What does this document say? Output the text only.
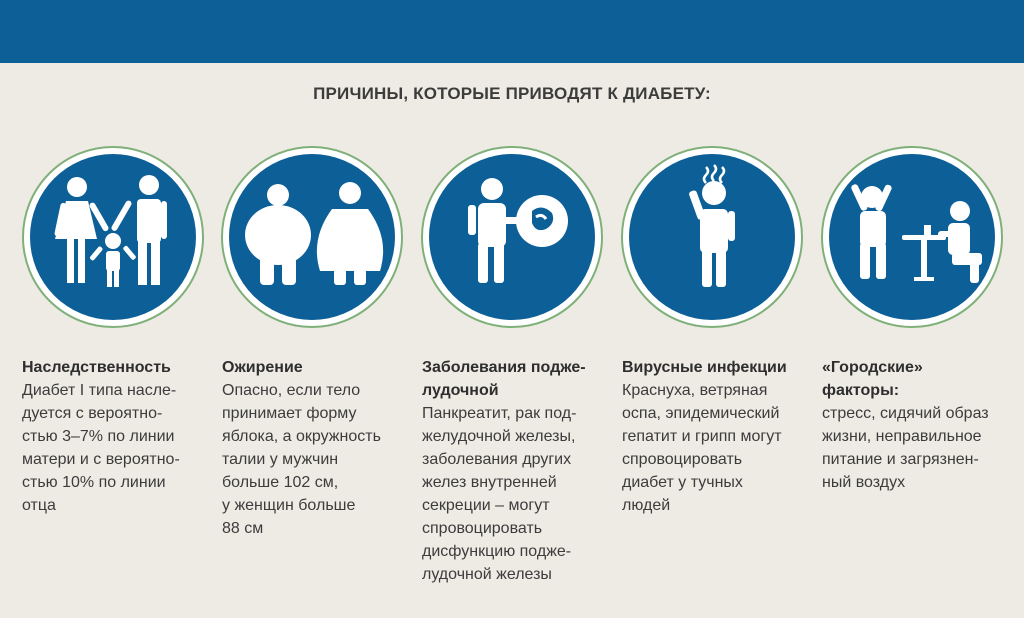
ПРИЧИНЫ, КОТОРЫЕ ПРИВОДЯТ К ДИАБЕТУ:
Наследственность
Диабет I типа насле-
дуется с вероятно-
стью 3–7% по линии
матери и с вероятно-
стью 10% по линии
отца
Ожирение
Опасно, если тело
принимает форму
яблока, а окружность
талии у мужчин
больше 102 см,
у женщин больше
88 см
Заболевания подже-
лудочной
Панкреатит, рак под-
желудочной железы,
заболевания других
желез внутренней
секреции – могут
спровоцировать
дисфункцию подже-
лудочной железы
Вирусные инфекции
Краснуха, ветряная
оспа, эпидемический
гепатит и грипп могут
спровоцировать
диабет у тучных
людей
«Городские»
факторы:
стресс, сидячий образ
жизни, неправильное
питание и загрязнен-
ный воздух
